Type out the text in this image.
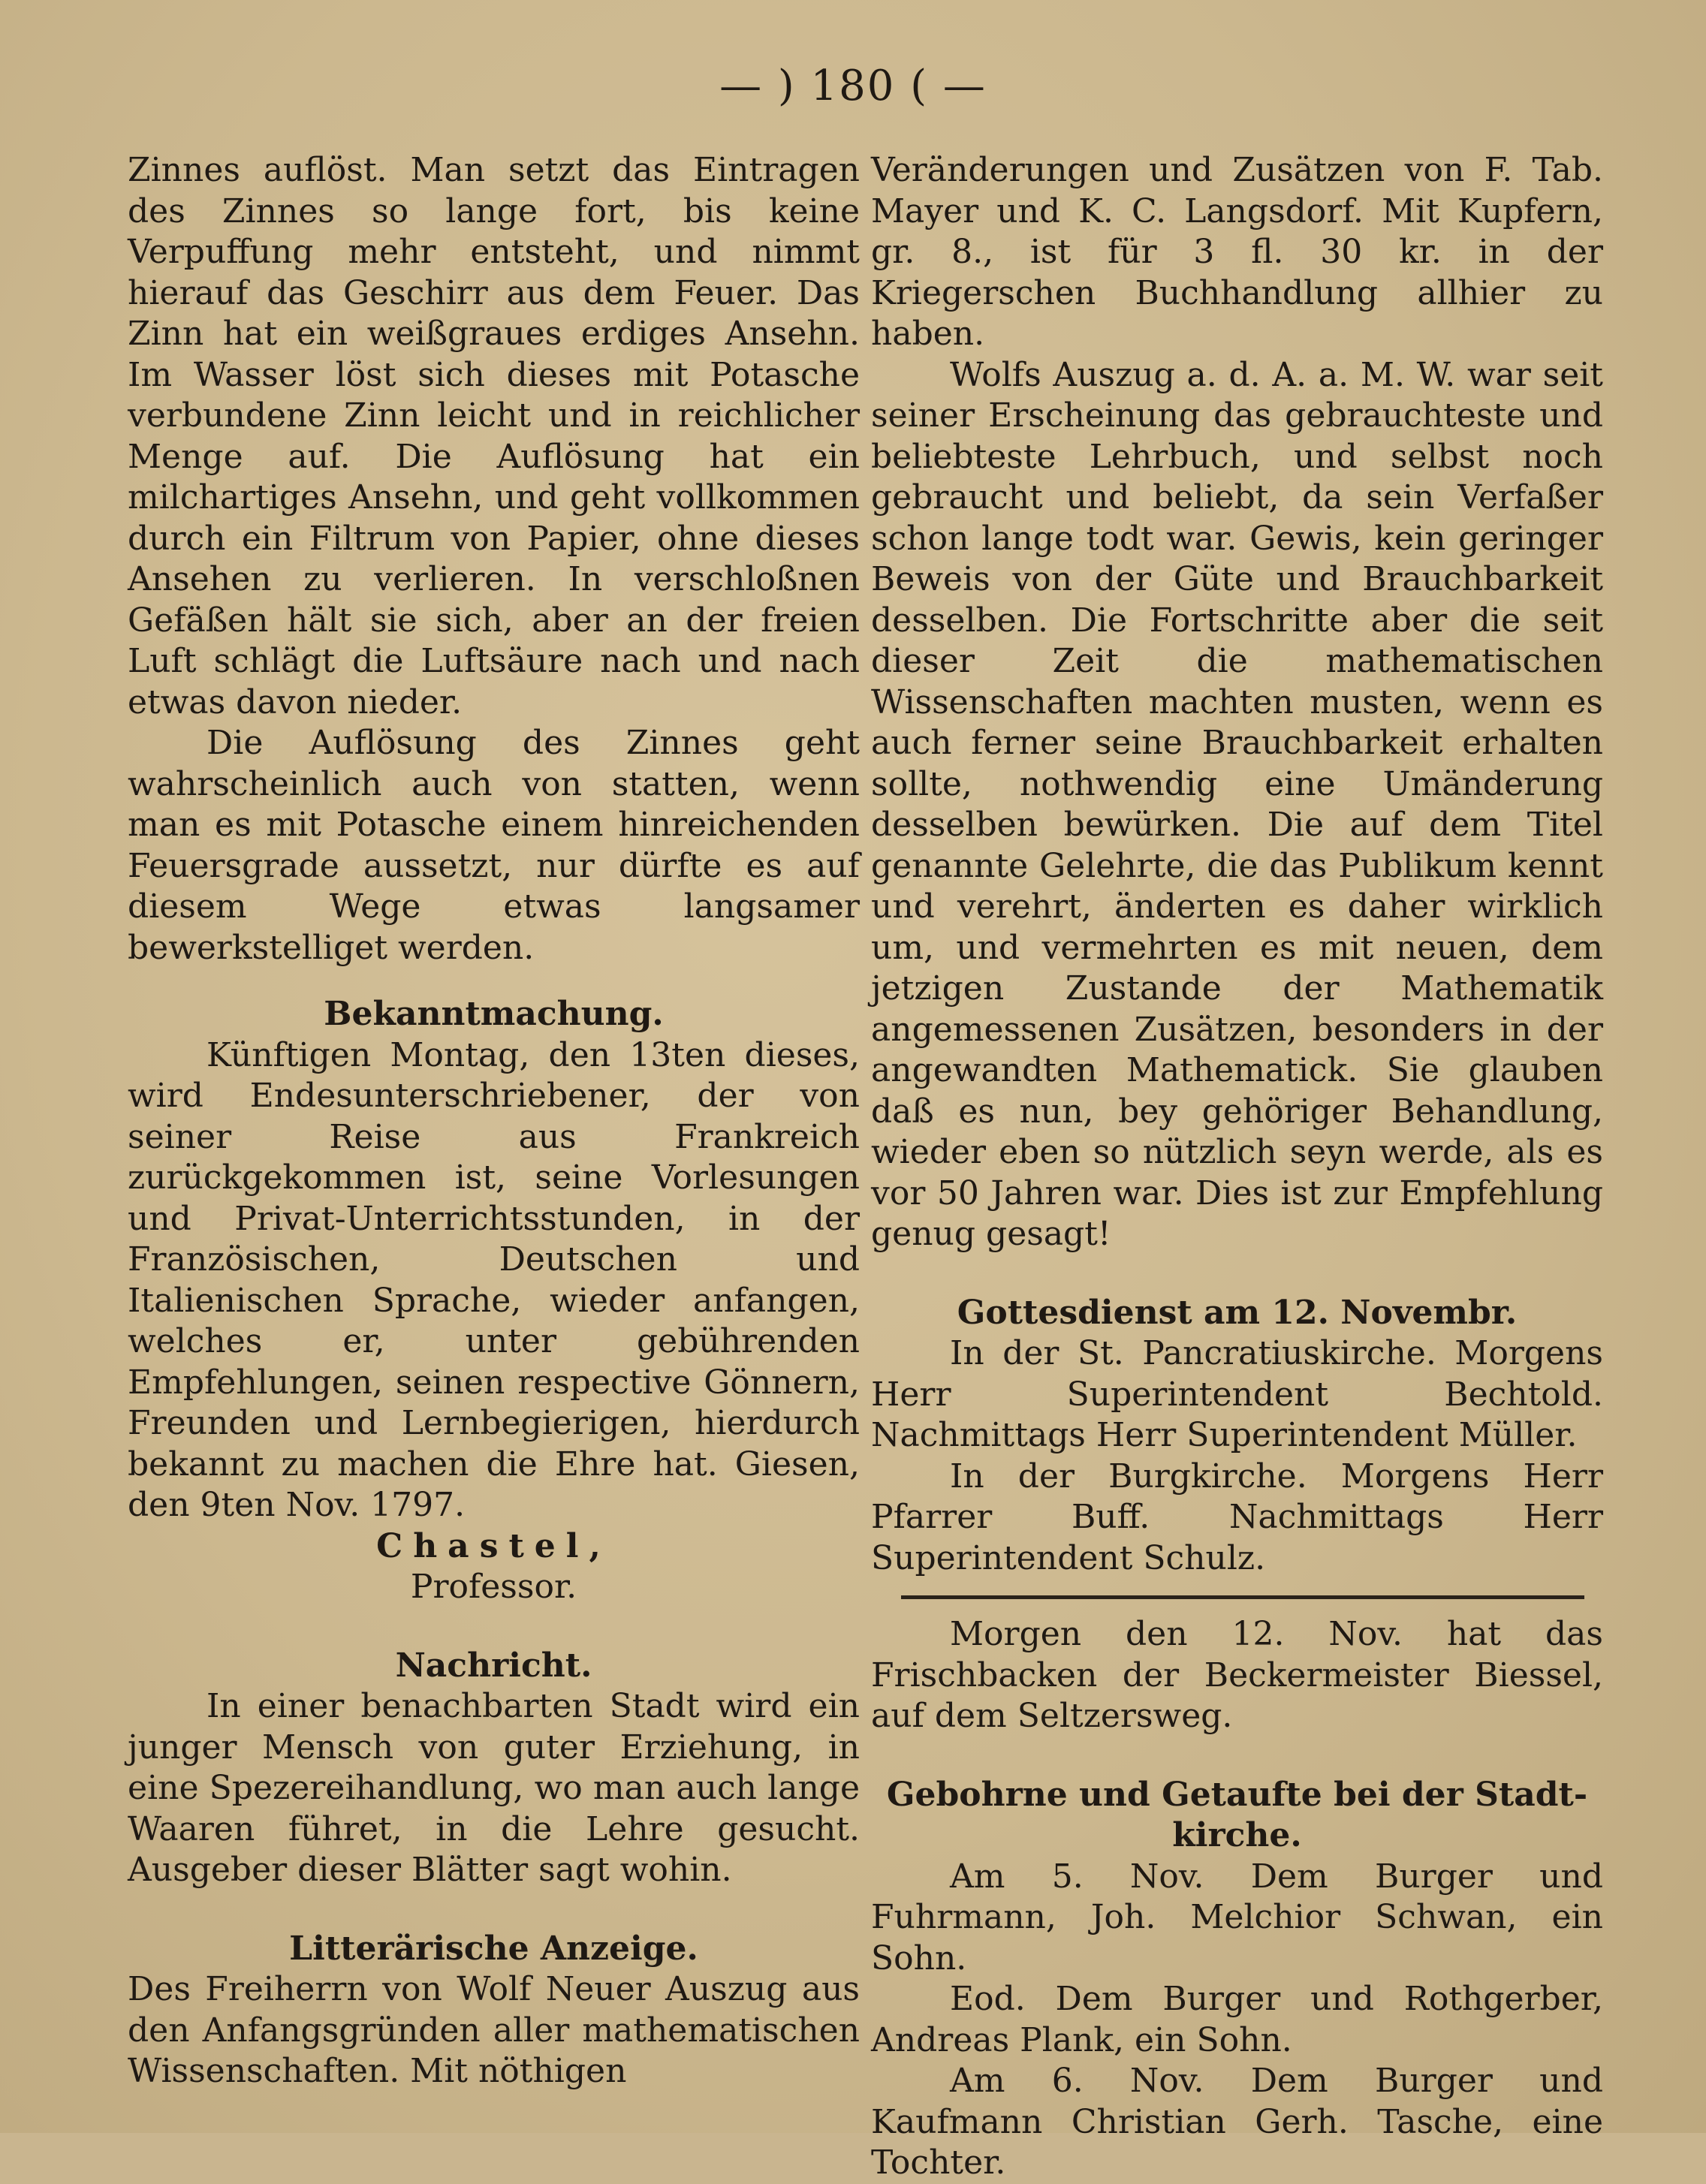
— ) 180 ( —

Zinnes auflöst. Man setzt das Eintragen des Zinnes so lange fort, bis keine Verpuffung mehr entsteht, und nimmt hierauf das Geschirr aus dem Feuer. Das Zinn hat ein weißgraues erdiges Ansehn. Im Wasser löst sich dieses mit Potasche verbundene Zinn leicht und in reichlicher Menge auf. Die Auflösung hat ein milchartiges Ansehn, und geht vollkommen durch ein Filtrum von Papier, ohne dieses Ansehen zu verlieren. In verschloßnen Gefäßen hält sie sich, aber an der freien Luft schlägt die Luftsäure nach und nach etwas davon nieder.

Die Auflösung des Zinnes geht wahrscheinlich auch von statten, wenn man es mit Potasche einem hinreichenden Feuersgrade aussetzt, nur dürfte es auf diesem Wege etwas langsamer bewerkstelliget werden.

Bekanntmachung.

Künftigen Montag, den 13ten dieses, wird Endesunterschriebener, der von seiner Reise aus Frankreich zurückgekommen ist, seine Vorlesungen und Privat-Unterrichtsstunden, in der Französischen, Deutschen und Italienischen Sprache, wieder anfangen, welches er, unter gebührenden Empfehlungen, seinen respective Gönnern, Freunden und Lernbegierigen, hierdurch bekannt zu machen die Ehre hat. Giesen, den 9ten Nov. 1797.

Chastel,

Professor.

Nachricht.

In einer benachbarten Stadt wird ein junger Mensch von guter Erziehung, in eine Spezereihandlung, wo man auch lange Waaren führet, in die Lehre gesucht. Ausgeber dieser Blätter sagt wohin.

Litterärische Anzeige.

Des Freiherrn von Wolf Neuer Auszug aus den Anfangsgründen aller mathematischen Wissenschaften. Mit nöthigen

Veränderungen und Zusätzen von F. Tab. Mayer und K. C. Langsdorf. Mit Kupfern, gr. 8., ist für 3 fl. 30 kr. in der Kriegerschen Buchhandlung allhier zu haben.

Wolfs Auszug a. d. A. a. M. W. war seit seiner Erscheinung das gebrauchteste und beliebteste Lehrbuch, und selbst noch gebraucht und beliebt, da sein Verfaßer schon lange todt war. Gewis, kein geringer Beweis von der Güte und Brauchbarkeit desselben. Die Fortschritte aber die seit dieser Zeit die mathematischen Wissenschaften machten musten, wenn es auch ferner seine Brauchbarkeit erhalten sollte, nothwendig eine Umänderung desselben bewürken. Die auf dem Titel genannte Gelehrte, die das Publikum kennt und verehrt, änderten es daher wirklich um, und vermehrten es mit neuen, dem jetzigen Zustande der Mathematik angemessenen Zusätzen, besonders in der angewandten Mathematick. Sie glauben daß es nun, bey gehöriger Behandlung, wieder eben so nützlich seyn werde, als es vor 50 Jahren war. Dies ist zur Empfehlung genug gesagt!

Gottesdienst am 12. Novembr.

In der St. Pancratiuskirche. Morgens Herr Superintendent Bechtold. Nachmittags Herr Superintendent Müller.

In der Burgkirche. Morgens Herr Pfarrer Buff. Nachmittags Herr Superintendent Schulz.

Morgen den 12. Nov. hat das Frischbacken der Beckermeister Biessel, auf dem Seltzersweg.

Gebohrne und Getaufte bei der Stadt-

kirche.

Am 5. Nov. Dem Burger und Fuhrmann, Joh. Melchior Schwan, ein Sohn.

Eod. Dem Burger und Rothgerber, Andreas Plank, ein Sohn.

Am 6. Nov. Dem Burger und Kaufmann Christian Gerh. Tasche, eine Tochter.
